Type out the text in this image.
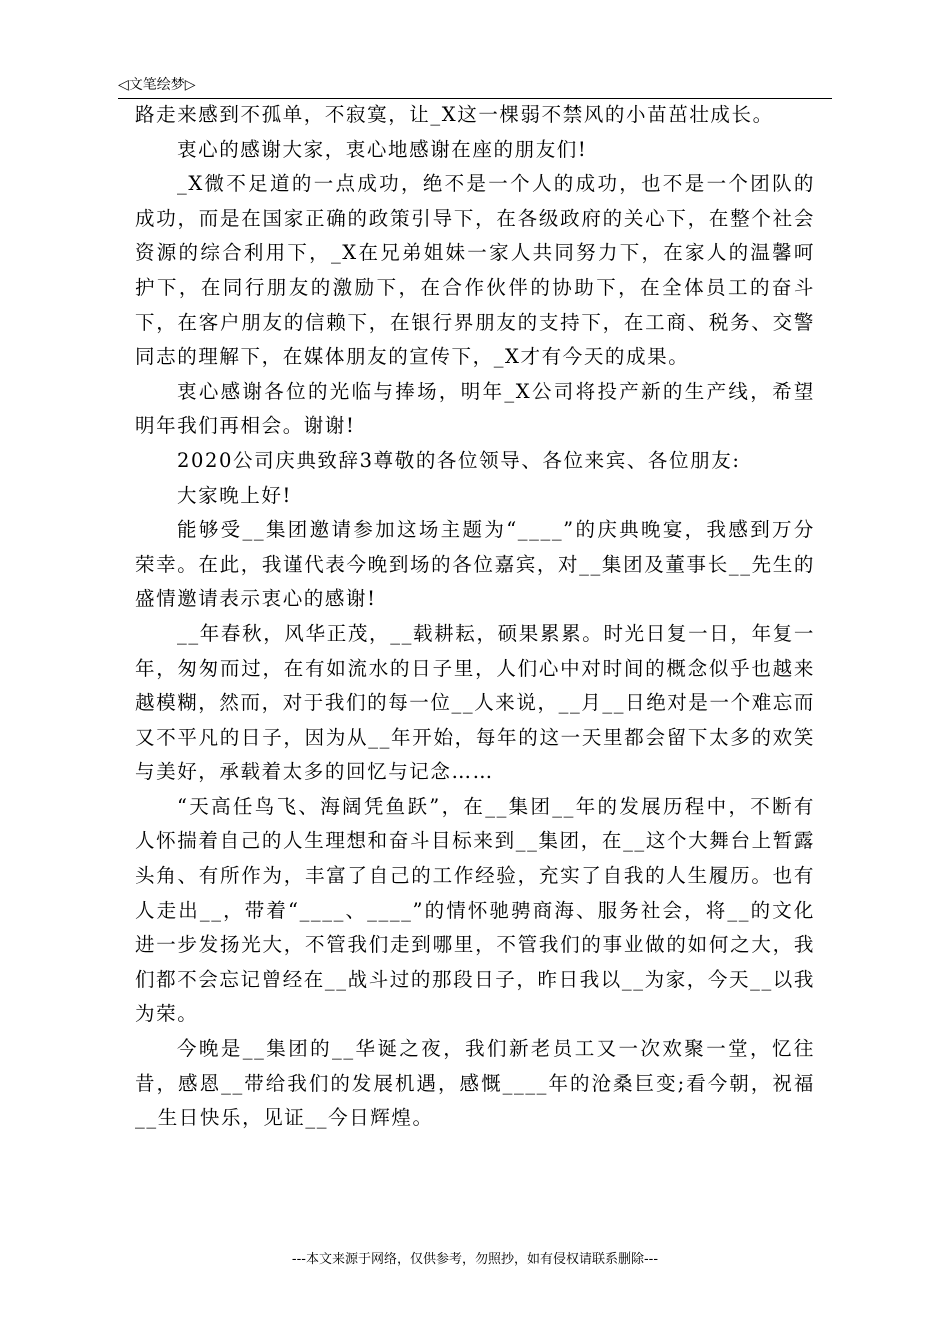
◁文笔绘梦▷

路走来感到不孤单，不寂寞，让_X这一棵弱不禁风的小苗茁壮成长。

衷心的感谢大家，衷心地感谢在座的朋友们!

_X微不足道的一点成功，绝不是一个人的成功，也不是一个团队的成功，而是在国家正确的政策引导下，在各级政府的关心下，在整个社会资源的综合利用下，_X在兄弟姐妹一家人共同努力下，在家人的温馨呵护下，在同行朋友的激励下，在合作伙伴的协助下，在全体员工的奋斗下，在客户朋友的信赖下，在银行界朋友的支持下，在工商、税务、交警同志的理解下，在媒体朋友的宣传下，_X才有今天的成果。

衷心感谢各位的光临与捧场，明年_X公司将投产新的生产线，希望明年我们再相会。谢谢!

2020公司庆典致辞3尊敬的各位领导、各位来宾、各位朋友:

大家晚上好!

能够受__集团邀请参加这场主题为“____”的庆典晚宴，我感到万分荣幸。在此，我谨代表今晚到场的各位嘉宾，对__集团及董事长__先生的盛情邀请表示衷心的感谢!

__年春秋，风华正茂，__载耕耘，硕果累累。时光日复一日，年复一年，匆匆而过，在有如流水的日子里，人们心中对时间的概念似乎也越来越模糊，然而，对于我们的每一位__人来说，__月__日绝对是一个难忘而又不平凡的日子，因为从__年开始，每年的这一天里都会留下太多的欢笑与美好，承载着太多的回忆与记念……

“天高任鸟飞、海阔凭鱼跃”，在__集团__年的发展历程中，不断有人怀揣着自己的人生理想和奋斗目标来到__集团，在__这个大舞台上暂露头角、有所作为，丰富了自己的工作经验，充实了自我的人生履历。也有人走出__，带着“____、____”的情怀驰骋商海、服务社会，将__的文化进一步发扬光大，不管我们走到哪里，不管我们的事业做的如何之大，我们都不会忘记曾经在__战斗过的那段日子，昨日我以__为家，今天__以我为荣。

今晚是__集团的__华诞之夜，我们新老员工又一次欢聚一堂，忆往昔，感恩__带给我们的发展机遇，感慨____年的沧桑巨变;看今朝，祝福__生日快乐，见证__今日辉煌。

---本文来源于网络，仅供参考，勿照抄，如有侵权请联系删除---
